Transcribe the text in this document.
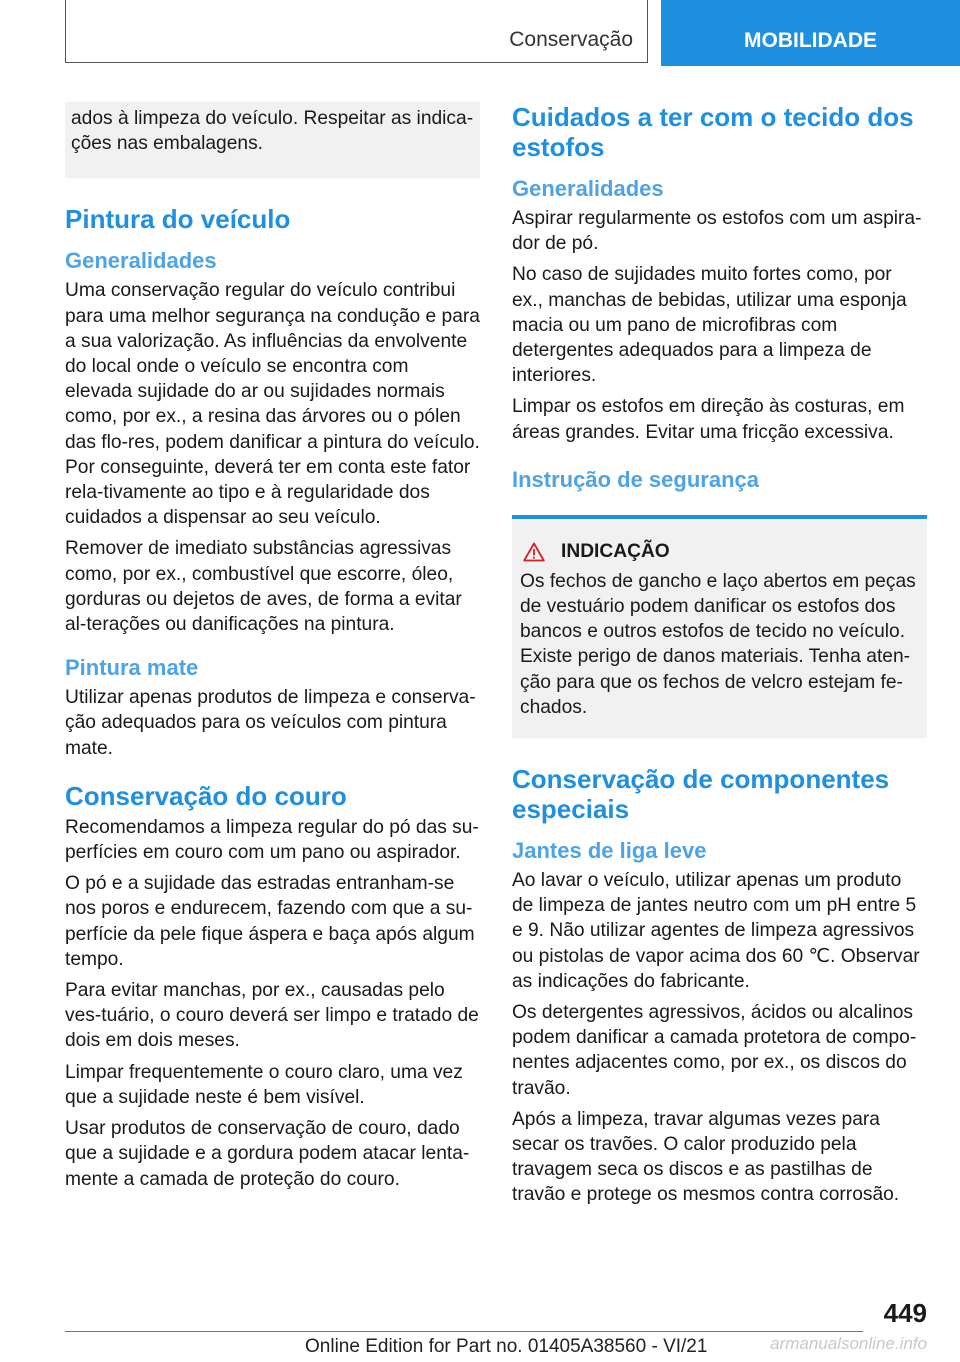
Conservação	MOBILIDADE

ados à limpeza do veículo. Respeitar as indica-ções nas embalagens.

Pintura do veículo
Generalidades

Uma conservação regular do veículo contribui para uma melhor segurança na condução e para a sua valorização. As influências da envolvente do local onde o veículo se encontra com elevada sujidade do ar ou sujidades normais como, por ex., a resina das árvores ou o pólen das flo-res, podem danificar a pintura do veículo. Por conseguinte, deverá ter em conta este fator rela-tivamente ao tipo e à regularidade dos cuidados a dispensar ao seu veículo.

Remover de imediato substâncias agressivas como, por ex., combustível que escorre, óleo, gorduras ou dejetos de aves, de forma a evitar al-terações ou danificações na pintura.

Pintura mate

Utilizar apenas produtos de limpeza e conserva-ção adequados para os veículos com pintura mate.

Conservação do couro

Recomendamos a limpeza regular do pó das su-perfícies em couro com um pano ou aspirador.

O pó e a sujidade das estradas entranham-se nos poros e endurecem, fazendo com que a su-perfície da pele fique áspera e baça após algum tempo.

Para evitar manchas, por ex., causadas pelo ves-tuário, o couro deverá ser limpo e tratado de dois em dois meses.

Limpar frequentemente o couro claro, uma vez que a sujidade neste é bem visível.

Usar produtos de conservação de couro, dado que a sujidade e a gordura podem atacar lenta-mente a camada de proteção do couro.

Cuidados a ter com o tecido dos estofos
Generalidades

Aspirar regularmente os estofos com um aspira-dor de pó.

No caso de sujidades muito fortes como, por ex., manchas de bebidas, utilizar uma esponja macia ou um pano de microfibras com detergentes adequados para a limpeza de interiores.

Limpar os estofos em direção às costuras, em áreas grandes. Evitar uma fricção excessiva.

Instrução de segurança
INDICAÇÃO

Os fechos de gancho e laço abertos em peças de vestuário podem danificar os estofos dos bancos e outros estofos de tecido no veículo. Existe perigo de danos materiais. Tenha aten-ção para que os fechos de velcro estejam fe-chados.

Conservação de componentes especiais
Jantes de liga leve

Ao lavar o veículo, utilizar apenas um produto de limpeza de jantes neutro com um pH entre 5 e 9. Não utilizar agentes de limpeza agressivos ou pistolas de vapor acima dos 60 ℃. Observar as indicações do fabricante.

Os detergentes agressivos, ácidos ou alcalinos podem danificar a camada protetora de compo-nentes adjacentes como, por ex., os discos do travão.

Após a limpeza, travar algumas vezes para secar os travões. O calor produzido pela travagem seca os discos e as pastilhas de travão e protege os mesmos contra corrosão.

449
Online Edition for Part no. 01405A38560 - VI/21	armanualsonline.info
